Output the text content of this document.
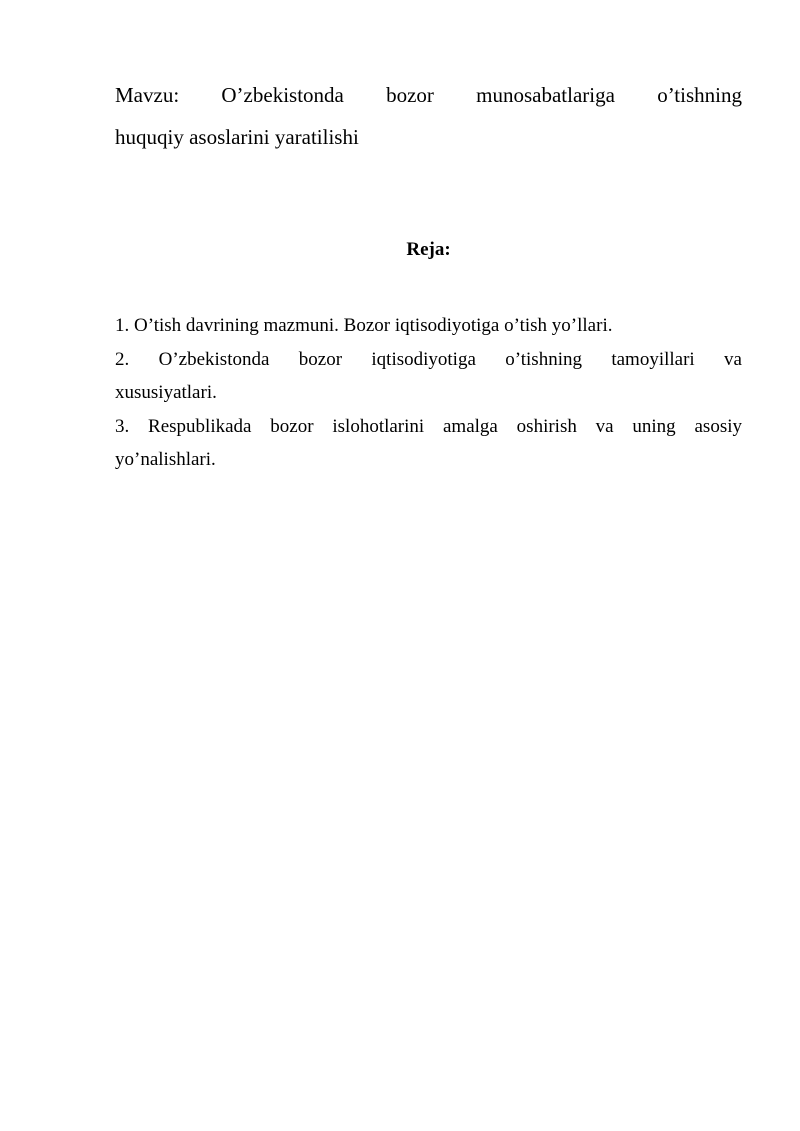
Mavzu: O’zbekistonda bozor munosabatlariga o’tishning
huquqiy asoslarini yaratilishi
Reja:
1. O’tish davrining mazmuni. Bozor iqtisodiyotiga o’tish yo’llari.
2. O’zbekistonda bozor iqtisodiyotiga o’tishning tamoyillari va
xususiyatlari.
3. Respublikada bozor islohotlarini amalga oshirish va uning asosiy
yo’nalishlari.
